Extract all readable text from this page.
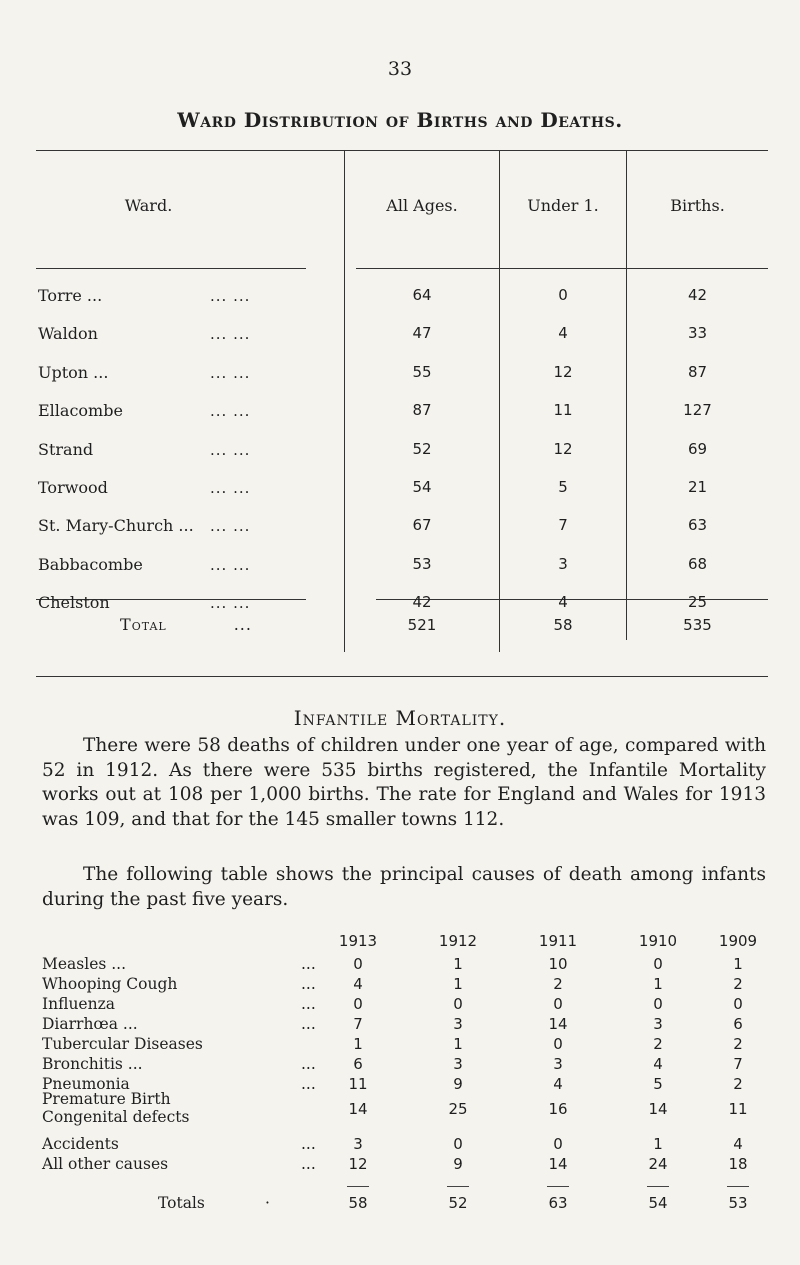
33
Ward Distribution of Births and Deaths.
Ward.	All Ages.	Under 1.	Births.
Torre ...	... ...	64	0	42
Waldon	... ...	47	4	33
Upton ...	... ...	55	12	87
Ellacombe	... ...	87	11	127
Strand	... ...	52	12	69
Torwood	... ...	54	5	21
St. Mary-Church ...	... ...	67	7	63
Babbacombe	... ...	53	3	68
Chelston	... ...	42	4	25
Total	...	521	58	535
Infantile Mortality.

There were 58 deaths of children under one year of age, compared with 52 in 1912. As there were 535 births registered, the Infantile Mortality works out at 108 per 1,000 births. The rate for England and Wales for 1913 was 109, and that for the 145 smaller towns 112.

The following table shows the principal causes of death among infants during the past five years.

1913	1912	1911	1910	1909
Measles ...	...	0	1	10	0	1
Whooping Cough	...	4	1	2	1	2
Influenza	...	0	0	0	0	0
Diarrhœa ...	...	7	3	14	3	6
Tubercular Diseases	1	1	0	2	2
Bronchitis ...	...	6	3	3	4	7
Pneumonia	...	11	9	4	5	2
Premature Birth
Congenital defects	14	25	16	14	11
Accidents	...	3	0	0	1	4
All other causes	...	12	9	14	24	18
Totals	·	58	52	63	54	53
